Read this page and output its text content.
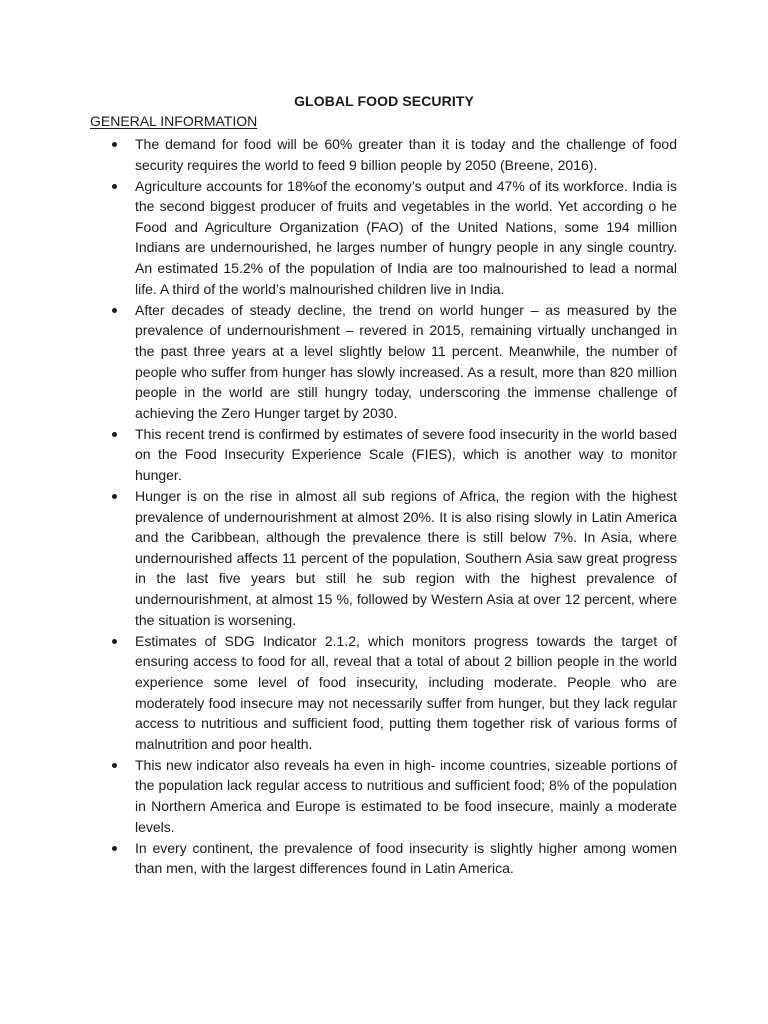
GLOBAL FOOD SECURITY
GENERAL INFORMATION
The demand for food will be 60% greater than it is today and the challenge of food security requires the world to feed 9 billion people by 2050 (Breene, 2016).
Agriculture accounts for 18%of the economy’s output and 47% of its workforce. India is the second biggest producer of fruits and vegetables in the world. Yet according o he Food and Agriculture Organization (FAO) of the United Nations, some 194 million Indians are undernourished, he larges number of hungry people in any single country. An estimated 15.2% of the population of India are too malnourished to lead a normal life. A third of the world’s malnourished children live in India.
After decades of steady decline, the trend on world hunger – as measured by the prevalence of undernourishment – revered in 2015, remaining virtually unchanged in the past three years at a level slightly below 11 percent. Meanwhile, the number of people who suffer from hunger has slowly increased. As a result, more than 820 million people in the world are still hungry today, underscoring the immense challenge of achieving the Zero Hunger target by 2030.
This recent trend is confirmed by estimates of severe food insecurity in the world based on the Food Insecurity Experience Scale (FIES), which is another way to monitor hunger.
Hunger is on the rise in almost all sub regions of Africa, the region with the highest prevalence of undernourishment at almost 20%. It is also rising slowly in Latin America and the Caribbean, although the prevalence there is still below 7%. In Asia, where undernourished affects 11 percent of the population, Southern Asia saw great progress in the last five years but still he sub region with the highest prevalence of undernourishment, at almost 15 %, followed by Western Asia at over 12 percent, where the situation is worsening.
Estimates of SDG Indicator 2.1.2, which monitors progress towards the target of ensuring access to food for all, reveal that a total of about 2 billion people in the world experience some level of food insecurity, including moderate. People who are moderately food insecure may not necessarily suffer from hunger, but they lack regular access to nutritious and sufficient food, putting them together risk of various forms of malnutrition and poor health.
This new indicator also reveals ha even in high- income countries, sizeable portions of the population lack regular access to nutritious and sufficient food; 8% of the population in Northern America and Europe is estimated to be food insecure, mainly a moderate levels.
In every continent, the prevalence of food insecurity is slightly higher among women than men, with the largest differences found in Latin America.
